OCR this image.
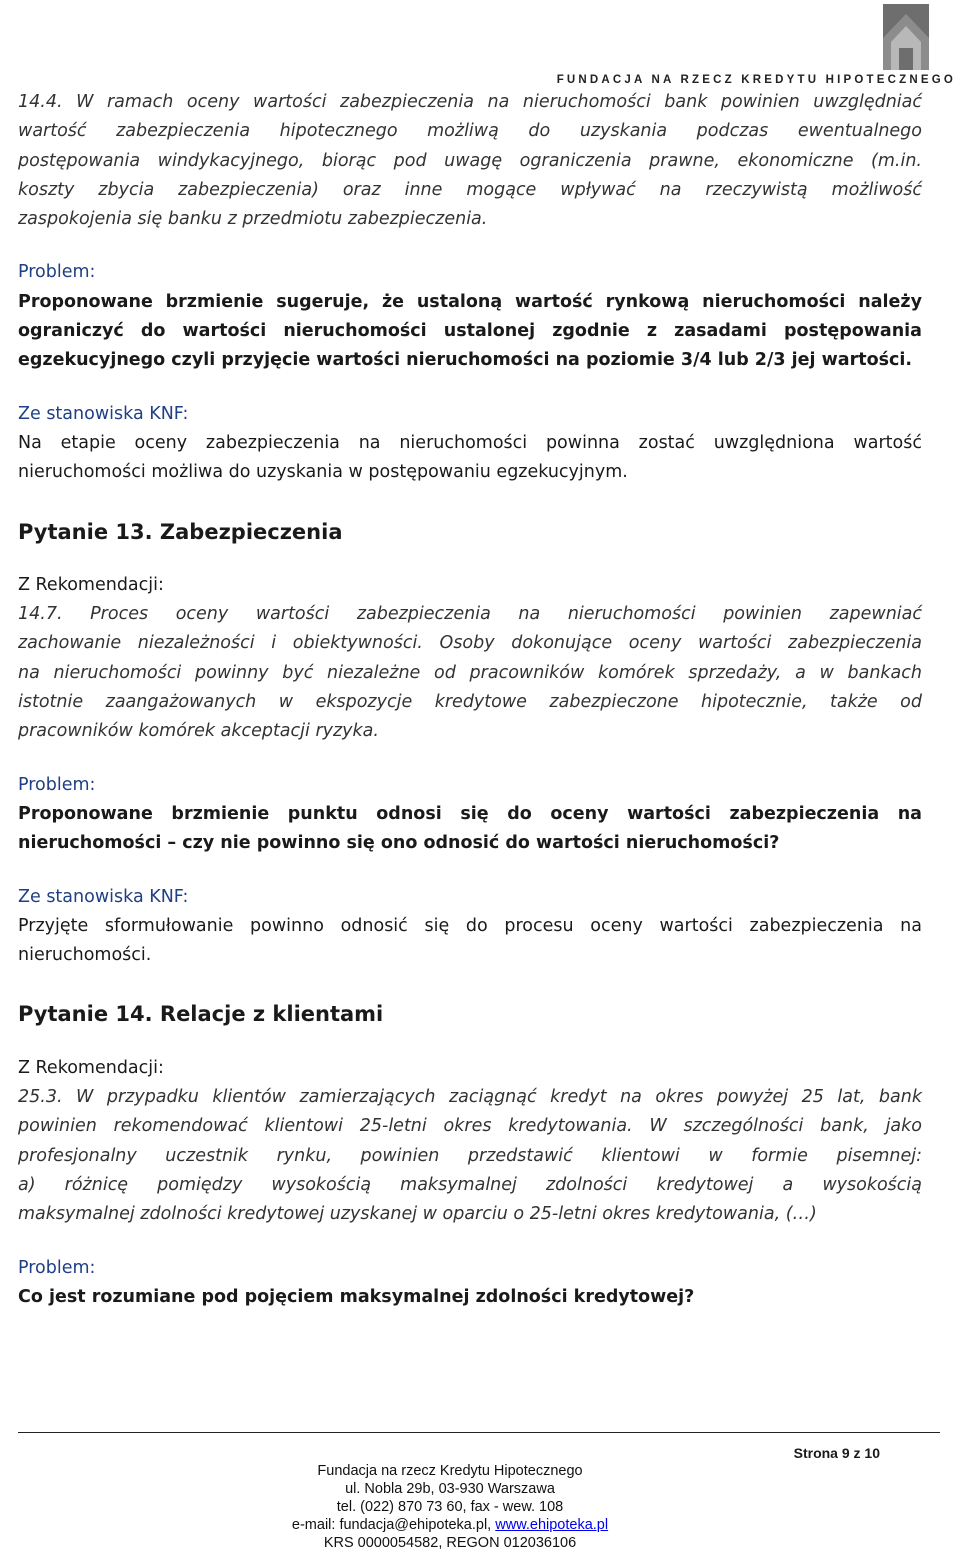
FUNDACJA NA RZECZ KREDYTU HIPOTECZNEGO

14.4. W ramach oceny wartości zabezpieczenia na nieruchomości bank powinien uwzględniać

wartość zabezpieczenia hipotecznego możliwą do uzyskania podczas ewentualnego

postępowania windykacyjnego, biorąc pod uwagę ograniczenia prawne, ekonomiczne (m.in.

koszty zbycia zabezpieczenia) oraz inne mogące wpływać na rzeczywistą możliwość

zaspokojenia się banku z przedmiotu zabezpieczenia.

Problem:

Proponowane brzmienie sugeruje, że ustaloną wartość rynkową nieruchomości należy

ograniczyć do wartości nieruchomości ustalonej zgodnie z zasadami postępowania

egzekucyjnego czyli przyjęcie wartości nieruchomości na poziomie 3/4 lub 2/3 jej wartości.

Ze stanowiska KNF:

Na etapie oceny zabezpieczenia na nieruchomości powinna zostać uwzględniona wartość

nieruchomości możliwa do uzyskania w postępowaniu egzekucyjnym.

Pytanie 13. Zabezpieczenia

Z Rekomendacji:

14.7. Proces oceny wartości zabezpieczenia na nieruchomości powinien zapewniać

zachowanie niezależności i obiektywności. Osoby dokonujące oceny wartości zabezpieczenia

na nieruchomości powinny być niezależne od pracowników komórek sprzedaży, a w bankach

istotnie zaangażowanych w ekspozycje kredytowe zabezpieczone hipotecznie, także od

pracowników komórek akceptacji ryzyka.

Problem:

Proponowane brzmienie punktu odnosi się do oceny wartości zabezpieczenia na

nieruchomości – czy nie powinno się ono odnosić do wartości nieruchomości?

Ze stanowiska KNF:

Przyjęte sformułowanie powinno odnosić się do procesu oceny wartości zabezpieczenia na

nieruchomości.

Pytanie 14. Relacje z klientami

Z Rekomendacji:

25.3. W przypadku klientów zamierzających zaciągnąć kredyt na okres powyżej 25 lat, bank

powinien rekomendować klientowi 25-letni okres kredytowania. W szczególności bank, jako

profesjonalny uczestnik rynku, powinien przedstawić klientowi w formie pisemnej:

a) różnicę pomiędzy wysokością maksymalnej zdolności kredytowej a wysokością

maksymalnej zdolności kredytowej uzyskanej w oparciu o 25-letni okres kredytowania, (…)

Problem:

Co jest rozumiane pod pojęciem maksymalnej zdolności kredytowej?

Strona 9 z 10
Fundacja na rzecz Kredytu Hipotecznego
ul. Nobla 29b, 03-930 Warszawa
tel. (022) 870 73 60, fax - wew. 108
e-mail: fundacja@ehipoteka.pl, www.ehipoteka.pl
KRS 0000054582, REGON 012036106
